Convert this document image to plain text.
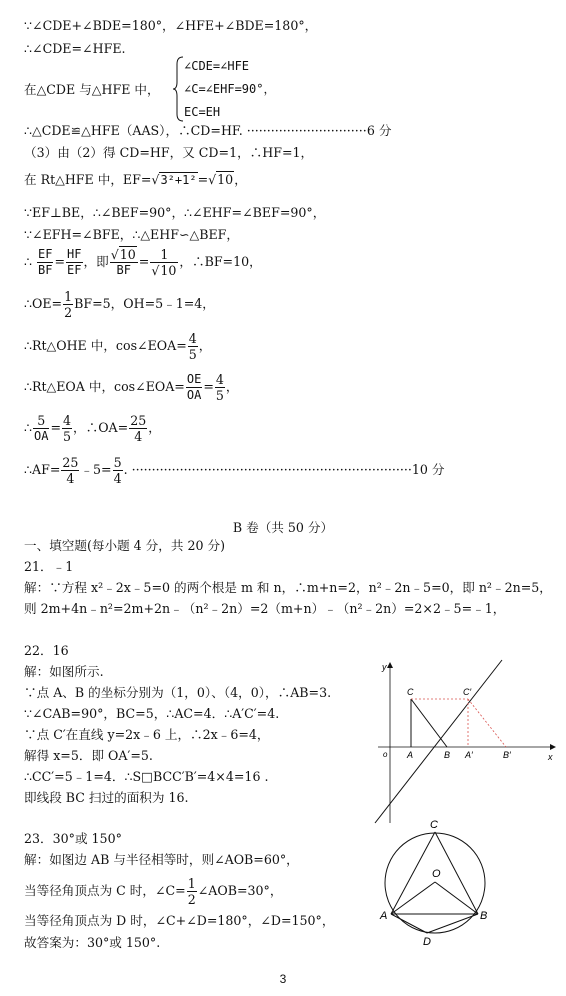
∵∠CDE+∠BDE=180°，∠HFE+∠BDE=180°，
∴∠CDE=∠HFE.
在△CDE 与△HFE 中，
∠CDE=∠HFE
∠C=∠EHF=90°，
EC=EH
∴△CDE≌△HFE（AAS），∴CD=HF. ······························6 分
（3）由（2）得 CD=HF，又 CD=1，∴HF=1，
在 Rt△HFE 中，EF=√3²+1²=√10，
∵EF⊥BE，∴∠BEF=90°，∴∠EHF=∠BEF=90°，
∵∠EFH=∠BFE，∴△EHF∽△BEF，
∴ $\frac{EF}{BF} = \frac{HF}{EF}$ ，即 $\frac{√10}{BF} = \frac{1}{√10}$ ，∴BF=10，
∴OE= $\frac{1}{2} BF=5$，OH=5﹣1=4，
∴Rt△OHE 中，cos∠EOA= $\frac{4}{5}$ ，
∴Rt△EOA 中，cos∠EOA= $\frac{OE}{OA} = \frac{4}{5}$ ，
∴ $\frac{5}{OA} = \frac{4}{5}$ ，∴OA= $\frac{25}{4}$ ，
∴AF= $\frac{25}{4}$ ﹣5= $\frac{5}{4}$ . ······································································10 分
B 卷（共 50 分）
一、填空题(每小题 4 分，共 20 分)
21．﹣1
解：∵方程 x²﹣2x﹣5=0 的两个根是 m 和 n，∴m+n=2，n²﹣2n﹣5=0，即 n²﹣2n=5，
则 2m+4n﹣n²=2m+2n﹣（n²﹣2n）=2（m+n）﹣（n²﹣2n）=2×2﹣5=﹣1，
22．16
解：如图所示.
∵点 A、B 的坐标分别为（1，0）、（4，0），∴AB=3.
∵∠CAB=90°，BC=5，∴AC=4．∴A′C′=4.
∵点 C′在直线 y=2x﹣6 上，∴2x﹣6=4，
解得 x=5．即 OA′=5.
∴CC′=5﹣1=4．∴S□BCC′B′=4×4=16 .
即线段 BC 扫过的面积为 16.
23．30°或 150°
解：如图边 AB 与半径相等时，则∠AOB=60°，
当等径角顶点为 C 时，∠C= $\frac{1}{2}$ ∠AOB=30°，
当等径角顶点为 D 时，∠C+∠D=180°，∠D=150°，
故答案为：30°或 150°.
y
x
o A	B A′	B′
C	C′
C
O
A	B
D
3
